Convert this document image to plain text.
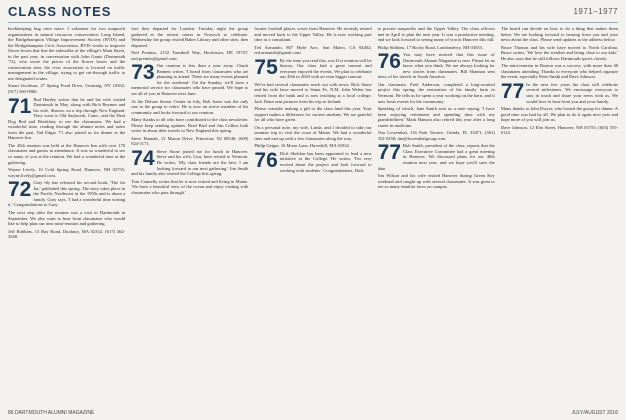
CLASS NOTES	1971–1977

bookkeeping bug once more. I volunteer for two nonprofit organizations in natural resources conservation: Long Island, the Bridgehampton Village Improvement Society (BVIS) and the Bridgehampton Civic Association, BVIS works to improve flower boxes that line the sidewalks of the village's Main Street, in the past year, in conversation with John Gantz (Dartmouth '72), who wrote the pieces of the flower boxes and the conservation area, the civic association is focused on traffic management in the village, trying to get cut-through traffic to use designated routes.

Stuart Jacobson, 27 Spring Pond Drive, Ossining, NY 10562; (917) 560-0960.

71 Bud Hanley writes that he and his wife visited Dartmouth in May, along with Rich Reymes and his wife, Sharon, on a trip through New England. They went to Old Saybrook, Conn., and the Deaf Dog Bed and Breakfast, to see the classmates. We had a wonderful time, reading through the alumni notes and notes from the past. Tad Edgar '71 also joined us for dinner at the Hanover Inn.

The 45th reunion was held at the Hanover Inn with over 170 classmates and guests in attendance. It was so wonderful to see so many of you at the reunion. We had a wonderful time at the gathering.

Wayne Lively, 16 Cold Spring Road, Hanover, NH 03755; wayne.lively@gmail.com.

72 Gary Sly has released his second book, 'The Jar Jar,' published this spring. The story takes place in the Pacific Northwest in the 1950s and is about a family. Gary says, 'I had a wonderful time writing it.' Congratulations to Gary.

The next step after the reunion was a visit to Dartmouth in September. We also want to hear from classmates who would like to help plan our next mini-reunion and gathering.

Jeff Robbins, 13 Bay Road, Duxbury, MA 02332; (617) 462-3040.

fore they departed for London. Tuesday night the group gathered at the retreat center in Norwich to celebrate. Wednesday the group visited Baker Library and other sites, then departed.

Ned Prentiss, 2152 Trumbull Way, Hockessin, DE 19707; ned.prentiss@gmail.com.

73 Our reunion is less than a year away. Chuck Bennett writes, 'I heard from classmates who are planning to attend. There are many events planned for the weekend.' On the Sunday, we'll have a memorial service for classmates who have passed. We hope to see all of you in Hanover next June.

At the Deluxe Senior Center in July, Bob Jones was the only one in the group to retire. He is now an active member of his community and looks forward to our reunion.

Many thanks to all who have contributed to the class newsletter. Please keep sending updates. Brad Bird and Jim Collins both wrote in about their travels to New England this spring.

Steve Hannah, 12 Mason Drive, Princeton, NJ 08540; (609) 924-3171.

74 Steve Stone joined me for lunch in Hanover. Steve and his wife, Lisa, have retired to Vermont. He writes, 'My class friends are the best. I am looking forward to our next gathering.' Jim Smith and his family also visited the College this spring.

Tom Connelly writes that he is now retired and living in Maine. 'We have a beautiful view of the ocean and enjoy visiting with classmates who pass through.'

former football player, wrote from Hanover. He recently retired and moved back to the Upper Valley. He is now working part time as a consultant.

Ted Armando, 807 Hyde Ave., San Mateo, CA 94402; ted.armando@gmail.com.

75 By the time you read this, our 41st reunion will be history. Our class had a great turnout and everyone enjoyed the events. We plan to celebrate our 45th in 2020 with an even bigger turnout.

We've had several classmates reach out with news. Rick Stone and his wife have moved to Santa Fe, N.M. John Weber has retired from the bank and is now teaching at a local college. Jack Dunn sent pictures from his trip to Ireland.

Please consider making a gift to the class fund this year. Your support makes a difference for current students. We are grateful for all who have given.

On a personal note, my wife, Linda, and I decided to take our summer trip to visit the coast of Maine. We had a wonderful time and met up with a few classmates along the way.

Philip Geiger, 16 Moon Lane, Haverhill, MA 01832.

76 Dick Sheldon has been appointed to lead a new initiative at the College. He writes, 'I'm very excited about the project and look forward to working with students.' Congratulations, Dick.

to private nonprofits and the Upper Valley. The class officers met in April to plan the next year. It was a productive meeting, and we look forward to seeing many of you in Hanover this fall.

Philip Siddons, 17 Rocky Road, Londonderry, NH 03053.

76 You may have noticed that this issue of Dartmouth Alumni Magazine is new. Please let us know what you think. We are always looking for new stories from classmates. Bill Shannon sent news of his travels in South America.

Our classmate, Fred Anderson, completed a long-awaited project this spring, the restoration of his family farm in Vermont. He tells us he spent a year working on the barn, and it now hosts events for the community.

Speaking of which, Jane Smith sent us a note saying, 'I have been enjoying retirement and spending time with my grandchildren.' Mark Hanson also retired this year after a long career in medicine.

Tim Lowenthal, 116 Park Terrace, Orinda, FL 33471; (561) 352-9258; tim@lowenthalgroup.com.

77 Bob Smith, president of the class, reports that the Class Executive Committee had a great meeting in Hanover. We discussed plans for our 40th reunion next year, and we hope you'll save the date.

Jim Wilson and his wife visited Hanover during Green Key weekend and caught up with several classmates. It was great to see so many familiar faces on campus.

The board can decide on how to do a thing that makes them better. We are looking forward to hearing from you and your news about the class. Please send updates to the address below.

Bruce Thomas and his wife have moved to North Carolina. Bruce writes, 'We love the weather and being close to our kids.' He also says that he still follows Dartmouth sports closely.

The mini-reunion in Boston was a success, with more than 40 classmates attending. Thanks to everyone who helped organize the event, especially Peter Smith and Dave Johnson.

77 In the next few years the class will celebrate several milestones. We encourage everyone to stay in touch and share your news with us. We would love to hear from you and your family.

Many thanks to John Dwyer, who hosted the group for dinner. A good time was had by all. We plan to do it again next year and hope more of you will join us.

Dave Johnson, 12 Elm Street, Hanover, NH 03755; (603) 555-0123.

86 DARTMOUTH ALUMNI MAGAZINE	JULY/AUGUST 2016
